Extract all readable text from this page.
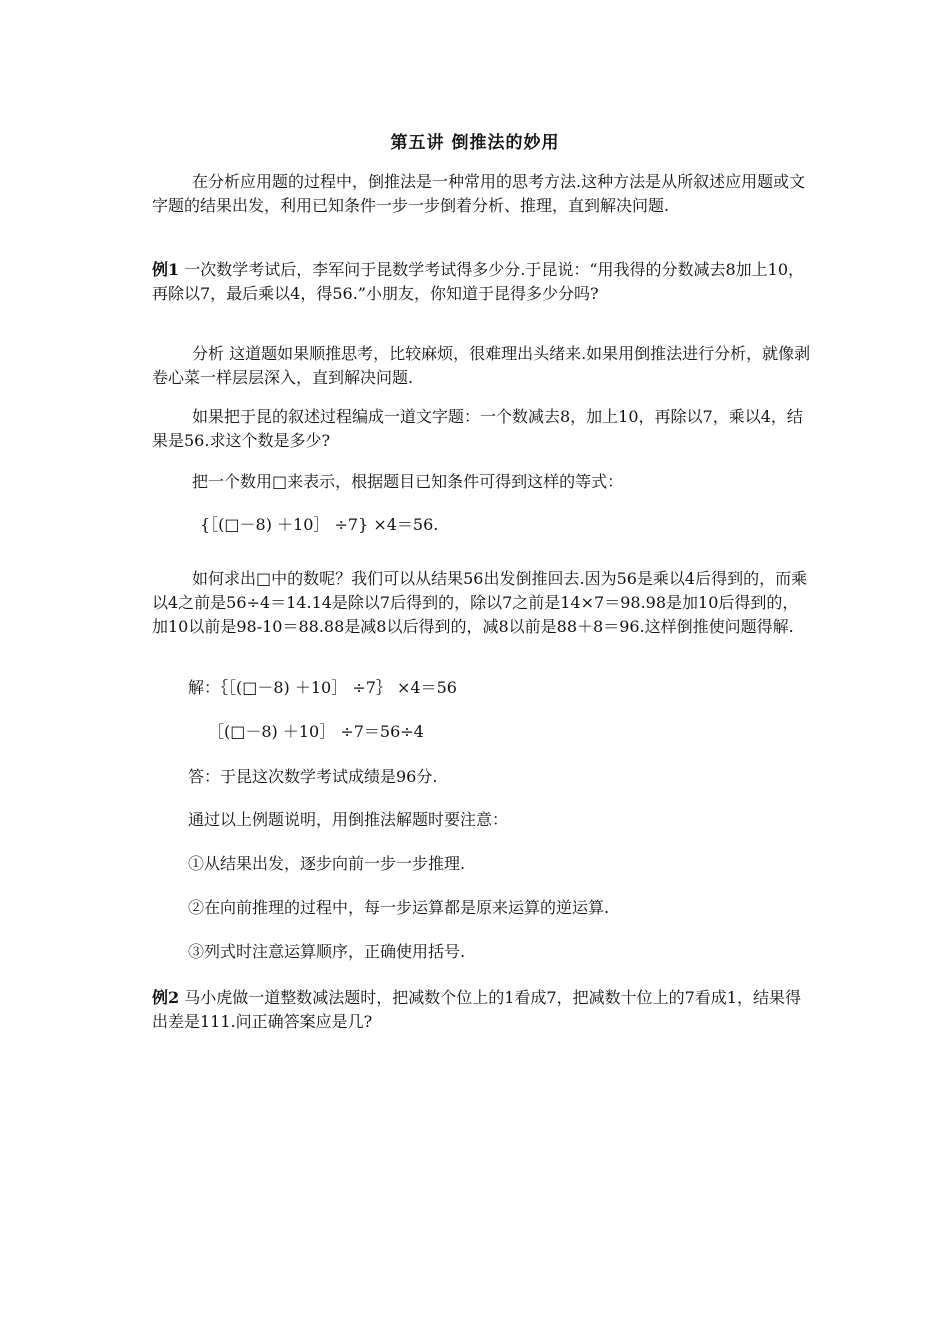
第五讲 倒推法的妙用

在分析应用题的过程中，倒推法是一种常用的思考方法.这种方法是从所叙述应用题或文字题的结果出发，利用已知条件一步一步倒着分析、推理，直到解决问题.

例1 一次数学考试后，李军问于昆数学考试得多少分.于昆说：“用我得的分数减去8加上10，再除以7，最后乘以4，得56.”小朋友，你知道于昆得多少分吗?

分析 这道题如果顺推思考，比较麻烦，很难理出头绪来.如果用倒推法进行分析，就像剥卷心菜一样层层深入，直到解决问题.

如果把于昆的叙述过程编成一道文字题：一个数减去8，加上10，再除以7，乘以4，结果是56.求这个数是多少?

把一个数用□来表示，根据题目已知条件可得到这样的等式：

{［(□－8) ＋10］ ÷7} ×4＝56.

如何求出□中的数呢？我们可以从结果56出发倒推回去.因为56是乘以4后得到的，而乘以4之前是56÷4＝14.14是除以7后得到的，除以7之前是14×7＝98.98是加10后得到的，加10以前是98-10＝88.88是减8以后得到的，减8以前是88＋8＝96.这样倒推使问题得解.

解：｛［(□－8) ＋10］ ÷7｝ ×4＝56
［(□－8) ＋10］ ÷7＝56÷4
答：于昆这次数学考试成绩是96分.
通过以上例题说明，用倒推法解题时要注意：
①从结果出发，逐步向前一步一步推理.
②在向前推理的过程中，每一步运算都是原来运算的逆运算.
③列式时注意运算顺序，正确使用括号.

例2 马小虎做一道整数减法题时，把减数个位上的1看成7，把减数十位上的7看成1，结果得出差是111.问正确答案应是几?
